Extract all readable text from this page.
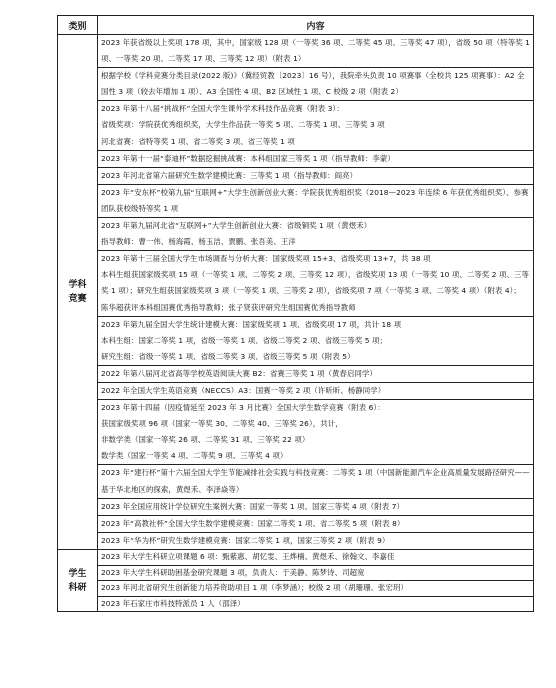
类别	内容
学科竞赛	2023 年获省级以上奖项 178 项，其中，国家级 128 项（一等奖 36 项、二等奖 45 项、三等奖 47 项），省级 50 项（特等奖 1 项、一等奖 20 项、二等奖 17 项、三等奖 12 项）（附表 1）
	根据学校《学科竞赛分类目录(2022 版)》（冀经贸教〔2023〕16 号），我院牵头负责 10 项赛事（全校共 125 项赛事）：A2 全国性 3 项（较去年增加 1 项）、A3 全国性 4 项、B2 区域性 1 项、C 校级 2 项（附表 2）
	2023 年第十八届“挑战杯”全国大学生课外学术科技作品竞赛（附表 3）：
省级奖项：学院获优秀组织奖，大学生作品获一等奖 5 项、二等奖 1 项、三等奖 3 项
河北省赛：省特等奖 1 项、省二等奖 3 项、省三等奖 1 项
	2023 年第十一届“泰迪杯”数据挖掘挑战赛：本科组国家三等奖 1 项（指导教师：李蒙）
	2023 年河北省第六届研究生数学建模比赛：三等奖 1 项（指导教师：阎亮）
	2023 年“安东杯”校第九届“互联网+”大学生创新创业大赛：学院获优秀组织奖（2018—2023 年连续 6 年获优秀组织奖）、参赛团队获校级特等奖 1 项
	2023 年第九届河北省“互联网+”大学生创新创业大赛：省级铜奖 1 项（黄煜禾）
指导教师：曹一伟、杨海霞、杨玉洁、贾鹏、张吾美、王洋
	2023 年第十三届全国大学生市场调查与分析大赛：国家级奖项 15+3、省级奖项 13+7，共 38 项
本科生组获国家级奖项 15 项（一等奖 1 项、二等奖 2 项、三等奖 12 项），省级奖项 13 项（一等奖 10 项、二等奖 2 项、三等奖 1 项）；研究生组获国家级奖项 3 项（一等奖 1 项、三等奖 2 项），省级奖项 7 项（一等奖 3 项、二等奖 4 项）（附表 4）；
陈华超获评本科组国赛优秀指导教师；张子贤获评研究生组国赛优秀指导教师
	2023 年第九届全国大学生统计建模大赛：国家级奖项 1 项、省级奖项 17 项，共计 18 项
本科生组：国家二等奖 1 项，省级一等奖 1 项、省级二等奖 2 项、省级三等奖 5 项；
研究生组：省级一等奖 1 项、省级二等奖 3 项、省级三等奖 5 项（附表 5）
	2022 年第八届河北省高等学校英语阅读大赛 B2：省赛三等奖 1 项（黄春启同学）
	2022 年全国大学生英语竞赛（NECCS）A3：国赛一等奖 2 项（许昕昕、杨静同学）
	2023 年第十四届（因疫情延至 2023 年 3 月比赛）全国大学生数学竞赛（附表 6）：
获国家级奖项 96 项（国家一等奖 30、二等奖 40、三等奖 26），共计，
非数学类（国家一等奖 26 项、二等奖 31 项、三等奖 22 项）
数学类（国家一等奖 4 项、二等奖 9 项、三等奖 4 项）
	2023 年“建行杯”第十六届全国大学生节能减排社会实践与科技竞赛：二等奖 1 项（中国新能源汽车企业高质量发展路径研究——基于华北地区的探索，黄煜禾、李泽焱等）
	2023 年全国应用统计学位研究生案例大赛：国家一等奖 1 项、国家三等奖 4 项（附表 7）
	2023 年“高教社杯”全国大学生数学建模竞赛：国家二等奖 1 项、省二等奖 5 项（附表 8）
	2023 年“华为杯”研究生数学建模竞赛：国家二等奖 1 项，国家三等奖 2 项（附表 9）
学生科研	2023 年大学生科研立项课题 6 项：甄紫惠、胡忆雯、王烨楠、黄煜禾、徐翰文、李嘉佳
	2023 年大学生科研助困基金研究课题 3 项，负责人：于美静、陈梦诗、司超宽
	2023 年河北省研究生创新能力培养资助项目 1 项（李梦涵）；校级 2 项（胡珊珊、张宏玥）
	2023 年石家庄市科技特派员 1 人（邵泽）
